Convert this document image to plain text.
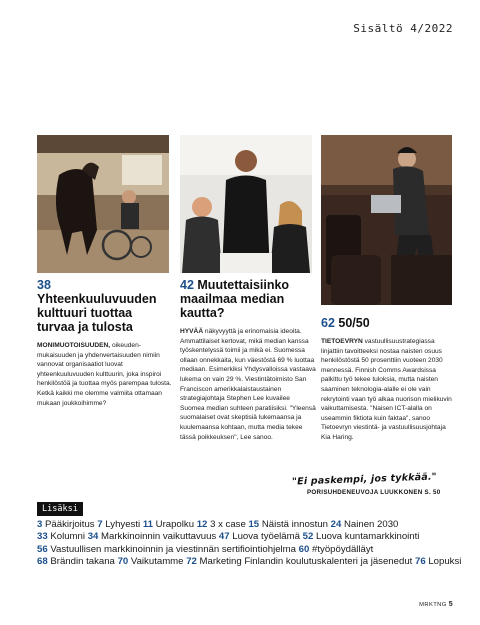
Sisältö 4/2022
38 Yhteenkuuluvuuden kulttuuri tuottaa turvaa ja tulosta
MONIMUOTOISUUDEN, oikeudenmukaisuuden ja yhdenvertaisuuden nimiin vannovat organisaatiot luovat yhteenkuuluvuuden kulttuurin, joka inspiroi henkilöstöä ja tuottaa myös parempaa tulosta. Ketkä kaikki me olemme valmiita ottamaan mukaan joukkoihimme?
42 Muutettaisiinko maailmaa median kautta?
HYVÄÄ näkyvyyttä ja erinomaisia ideoita. Ammattilaiset kertovat, mikä median kanssa työskentelyssä toimii ja mikä ei. Suomessa ollaan onnekkaita, kun väestöstä 69 % luottaa mediaan. Esimerkiksi Yhdysvalloissa vastaava lukema on vain 29 %. Viestintätoimisto San Franciscon amerikkalaistaustainen strategiajohtaja Stephen Lee kuvailee Suomea median suhteen paratiisiksi. "Yleensä suomalaiset ovat skeptisiä lukemaansa ja kuulemaansa kohtaan, mutta media tekee tässä poikkeuksen", Lee sanoo.
62 50/50
TIETOEVRYN vastuullisuustrategiassa linjattiin tavoitteeksi nostaa naisten osuus henkilöstöstä 50 prosenttiin vuoteen 2030 mennessä. Finnish Comms Awardsissa palkittu työ tekee tuloksia, mutta naisten saaminen teknologia-alalle ei ole vain rekrytointi vaan työ alkaa nuorison mielikuvin vaikuttamisesta. "Naisen ICT-alalla on useammin fiktiota kuin faktaa", sanoo Tietoevryn viestintä- ja vastuullisuusjohtaja Kia Haring.
"Ei paskempi, jos tykkää."
PORISUHDENEUVOJA LUUKKONEN S. 50
Lisäksi
3 Pääkirjoitus 7 Lyhyesti 11 Urapolku 12 3 x case 15 Näistä innostun 24 Nainen 2030
33 Kolumni 34 Markkinoinnin vaikuttavuus 47 Luova työelämä 52 Luova kuntamarkkinointi
56 Vastuullisen markkinoinnin ja viestinnän sertifiointiohjelma 60 #työpöydälläyt
68 Brändin takana 70 Vaikutamme 72 Marketing Finlandin koulutuskalenteri ja jäsenedut 76 Lopuksi
MRKTNG 5
